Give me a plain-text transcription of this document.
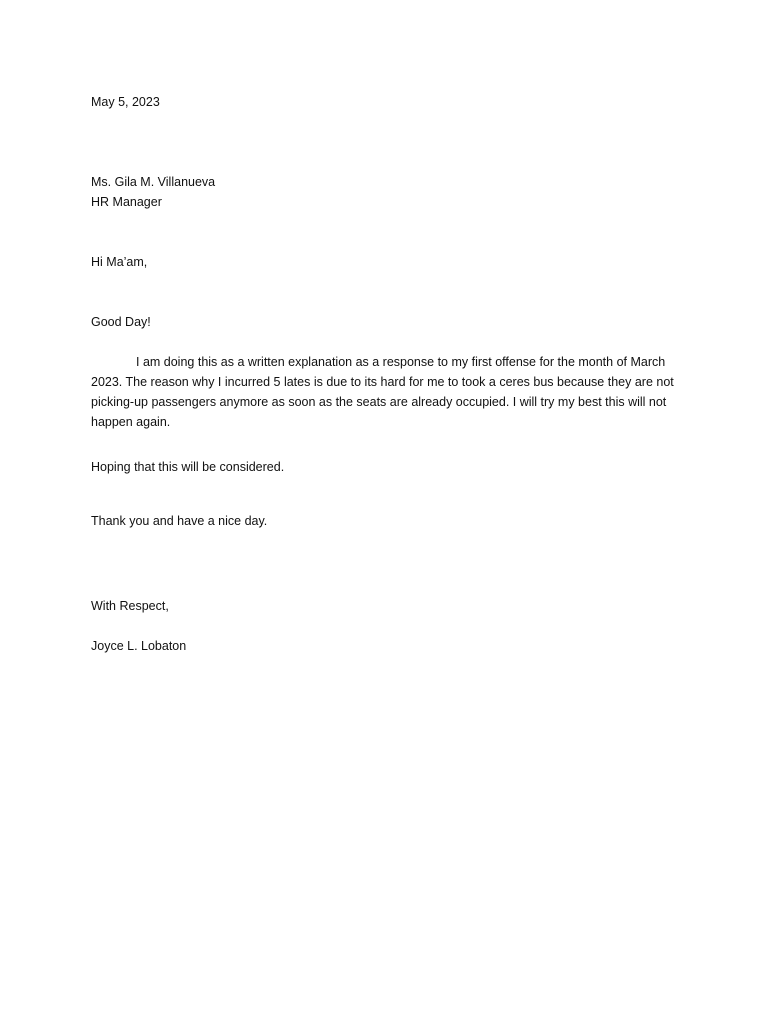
May 5, 2023
Ms. Gila M. Villanueva
HR Manager
Hi Ma’am,
Good Day!
I am doing this as a written explanation as a response to my first offense for the month of March 2023. The reason why I incurred 5 lates is due to its hard for me to took a ceres bus because they are not picking-up passengers anymore as soon as the seats are already occupied. I will try my best this will not happen again.
Hoping that this will be considered.
Thank you and have a nice day.
With Respect,
Joyce L. Lobaton
